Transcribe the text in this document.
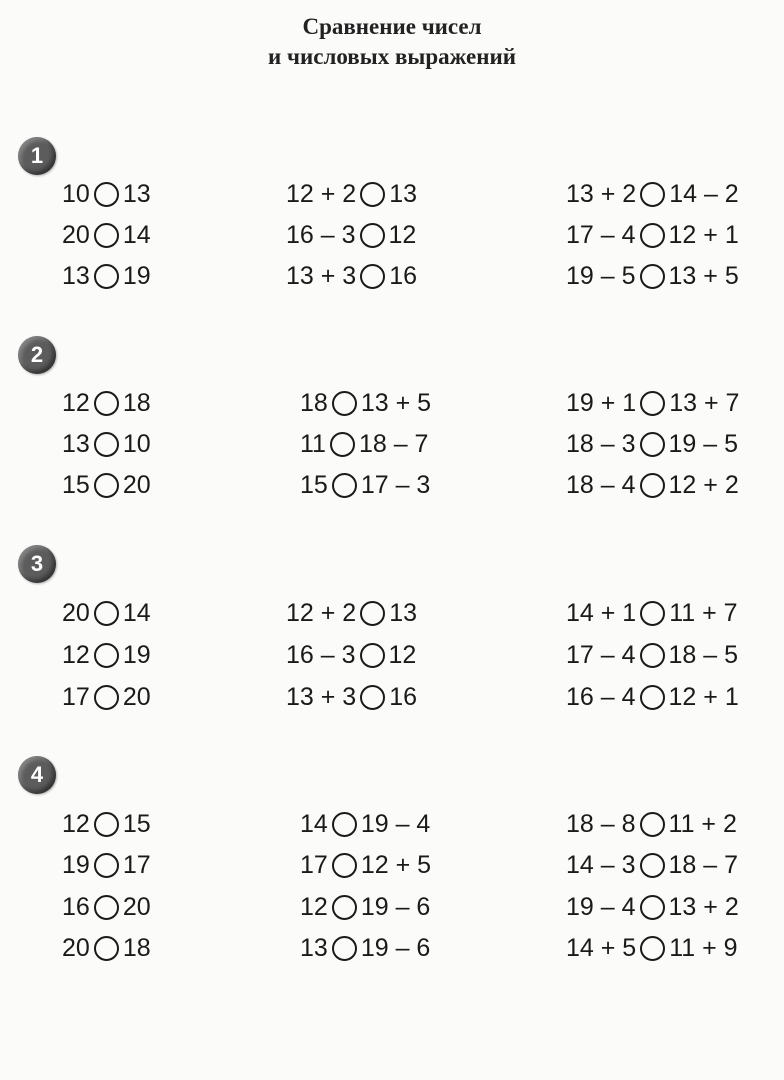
Сравнение чисел
и числовых выражений
1
10 13	12 + 2 13	13 + 2 14 – 2
20 14	16 – 3 12	17 – 4 12 + 1
13 19	13 + 3 16	19 – 5 13 + 5
2
12 18	18 13 + 5	19 + 1 13 + 7
13 10	11 18 – 7	18 – 3 19 – 5
15 20	15 17 – 3	18 – 4 12 + 2
3
20 14	12 + 2 13	14 + 1 11 + 7
12 19	16 – 3 12	17 – 4 18 – 5
17 20	13 + 3 16	16 – 4 12 + 1
4
12 15	14 19 – 4	18 – 8 11 + 2
19 17	17 12 + 5	14 – 3 18 – 7
16 20	12 19 – 6	19 – 4 13 + 2
20 18	13 19 – 6	14 + 5 11 + 9
